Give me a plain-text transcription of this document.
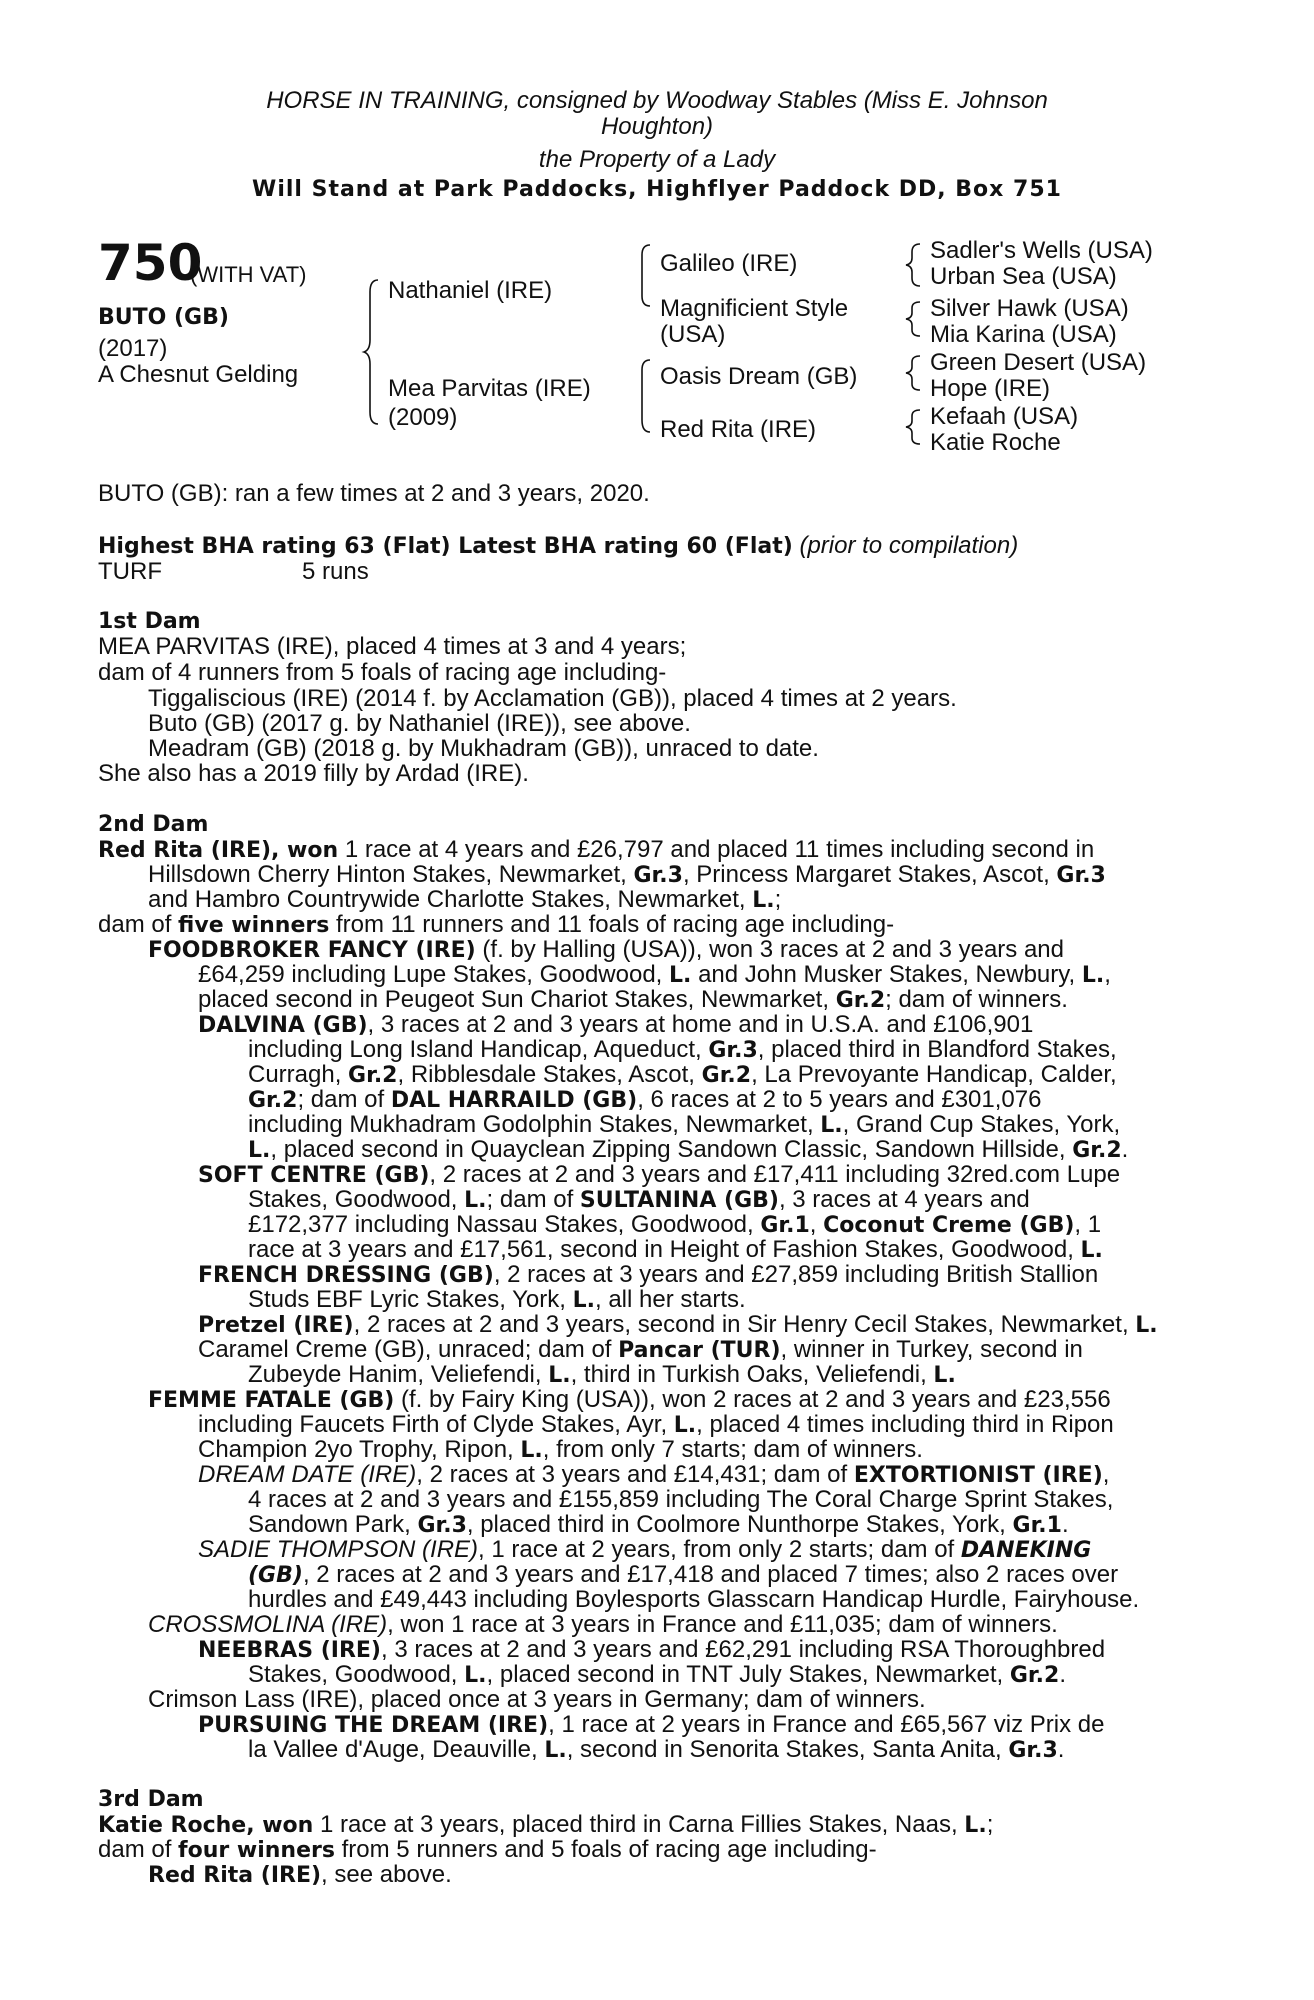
HORSE IN TRAINING, consigned by Woodway Stables (Miss E. Johnson
Houghton)
the Property of a Lady
Will Stand at Park Paddocks, Highflyer Paddock DD, Box 751
750
(WITH VAT)
BUTO (GB)
(2017)
A Chesnut Gelding
Nathaniel (IRE)
Mea Parvitas (IRE)
(2009)
Galileo (IRE)
Magnificient Style
(USA)
Oasis Dream (GB)
Red Rita (IRE)
Sadler's Wells (USA)
Urban Sea (USA)
Silver Hawk (USA)
Mia Karina (USA)
Green Desert (USA)
Hope (IRE)
Kefaah (USA)
Katie Roche
BUTO (GB): ran a few times at 2 and 3 years, 2020.
Highest BHA rating 63 (Flat) Latest BHA rating 60 (Flat) (prior to compilation)
TURF	5 runs
1st Dam
MEA PARVITAS (IRE), placed 4 times at 3 and 4 years;
dam of 4 runners from 5 foals of racing age including-
Tiggaliscious (IRE) (2014 f. by Acclamation (GB)), placed 4 times at 2 years.
Buto (GB) (2017 g. by Nathaniel (IRE)), see above.
Meadram (GB) (2018 g. by Mukhadram (GB)), unraced to date.
She also has a 2019 filly by Ardad (IRE).
2nd Dam
Red Rita (IRE), won 1 race at 4 years and £26,797 and placed 11 times including second in
Hillsdown Cherry Hinton Stakes, Newmarket, Gr.3, Princess Margaret Stakes, Ascot, Gr.3
and Hambro Countrywide Charlotte Stakes, Newmarket, L.;
dam of five winners from 11 runners and 11 foals of racing age including-
FOODBROKER FANCY (IRE) (f. by Halling (USA)), won 3 races at 2 and 3 years and
£64,259 including Lupe Stakes, Goodwood, L. and John Musker Stakes, Newbury, L.,
placed second in Peugeot Sun Chariot Stakes, Newmarket, Gr.2; dam of winners.
DALVINA (GB), 3 races at 2 and 3 years at home and in U.S.A. and £106,901
including Long Island Handicap, Aqueduct, Gr.3, placed third in Blandford Stakes,
Curragh, Gr.2, Ribblesdale Stakes, Ascot, Gr.2, La Prevoyante Handicap, Calder,
Gr.2; dam of DAL HARRAILD (GB), 6 races at 2 to 5 years and £301,076
including Mukhadram Godolphin Stakes, Newmarket, L., Grand Cup Stakes, York,
L., placed second in Quayclean Zipping Sandown Classic, Sandown Hillside, Gr.2.
SOFT CENTRE (GB), 2 races at 2 and 3 years and £17,411 including 32red.com Lupe
Stakes, Goodwood, L.; dam of SULTANINA (GB), 3 races at 4 years and
£172,377 including Nassau Stakes, Goodwood, Gr.1, Coconut Creme (GB), 1
race at 3 years and £17,561, second in Height of Fashion Stakes, Goodwood, L.
FRENCH DRESSING (GB), 2 races at 3 years and £27,859 including British Stallion
Studs EBF Lyric Stakes, York, L., all her starts.
Pretzel (IRE), 2 races at 2 and 3 years, second in Sir Henry Cecil Stakes, Newmarket, L.
Caramel Creme (GB), unraced; dam of Pancar (TUR), winner in Turkey, second in
Zubeyde Hanim, Veliefendi, L., third in Turkish Oaks, Veliefendi, L.
FEMME FATALE (GB) (f. by Fairy King (USA)), won 2 races at 2 and 3 years and £23,556
including Faucets Firth of Clyde Stakes, Ayr, L., placed 4 times including third in Ripon
Champion 2yo Trophy, Ripon, L., from only 7 starts; dam of winners.
DREAM DATE (IRE), 2 races at 3 years and £14,431; dam of EXTORTIONIST (IRE),
4 races at 2 and 3 years and £155,859 including The Coral Charge Sprint Stakes,
Sandown Park, Gr.3, placed third in Coolmore Nunthorpe Stakes, York, Gr.1.
SADIE THOMPSON (IRE), 1 race at 2 years, from only 2 starts; dam of DANEKING
(GB), 2 races at 2 and 3 years and £17,418 and placed 7 times; also 2 races over
hurdles and £49,443 including Boylesports Glasscarn Handicap Hurdle, Fairyhouse.
CROSSMOLINA (IRE), won 1 race at 3 years in France and £11,035; dam of winners.
NEEBRAS (IRE), 3 races at 2 and 3 years and £62,291 including RSA Thoroughbred
Stakes, Goodwood, L., placed second in TNT July Stakes, Newmarket, Gr.2.
Crimson Lass (IRE), placed once at 3 years in Germany; dam of winners.
PURSUING THE DREAM (IRE), 1 race at 2 years in France and £65,567 viz Prix de
la Vallee d'Auge, Deauville, L., second in Senorita Stakes, Santa Anita, Gr.3.
3rd Dam
Katie Roche, won 1 race at 3 years, placed third in Carna Fillies Stakes, Naas, L.;
dam of four winners from 5 runners and 5 foals of racing age including-
Red Rita (IRE), see above.
